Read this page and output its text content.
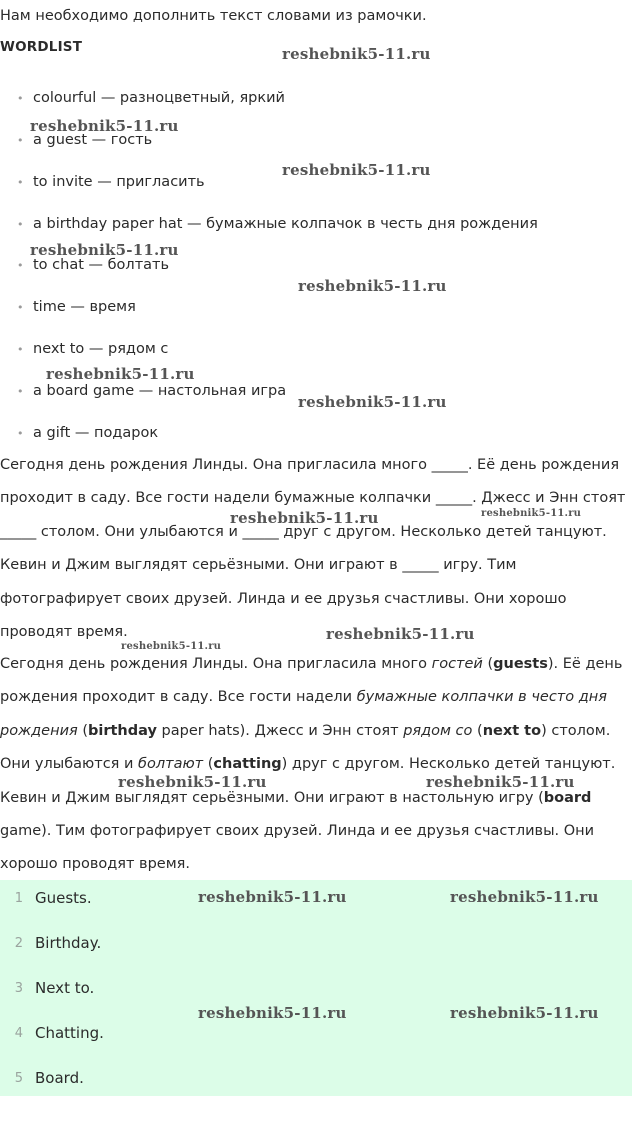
Нам необходимо дополнить текст словами из рамочки.
WORDLIST
• colourful — разноцветный, яркий
• a guest — гость
• to invite — пригласить
• a birthday paper hat — бумажные колпачок в честь дня рождения
• to chat — болтать
• time — время
• next to — рядом с
• a board game — настольная игра
• a gift — подарок
Сегодня день рождения Линды. Она пригласила много _____. Её день рождения проходит в саду. Все гости надели бумажные колпачки _____. Джесс и Энн стоят _____ столом. Они улыбаются и _____ друг с другом. Несколько детей танцуют. Кевин и Джим выглядят серьёзными. Они играют в _____ игру. Тим фотографирует своих друзей. Линда и ее друзья счастливы. Они хорошо проводят время.
Сегодня день рождения Линды. Она пригласила много гостей (guests). Её день рождения проходит в саду. Все гости надели бумажные колпачки в често дня рождения (birthday paper hats). Джесс и Энн стоят рядом со (next to) столом. Они улыбаются и болтают (chatting) друг с другом. Несколько детей танцуют. Кевин и Джим выглядят серьёзными. Они играют в настольную игру (board game). Тим фотографирует своих друзей. Линда и ее друзья счастливы. Они хорошо проводят время.
1 Guests.
2 Birthday.
3 Next to.
4 Chatting.
5 Board.
reshebnik5-11.ru
reshebnik5-11.ru
reshebnik5-11.ru
reshebnik5-11.ru
reshebnik5-11.ru
reshebnik5-11.ru
reshebnik5-11.ru
reshebnik5-11.ru	reshebnik5-11.ru
reshebnik5-11.ru
reshebnik5-11.ru
reshebnik5-11.ru	reshebnik5-11.ru
reshebnik5-11.ru	reshebnik5-11.ru
reshebnik5-11.ru	reshebnik5-11.ru
